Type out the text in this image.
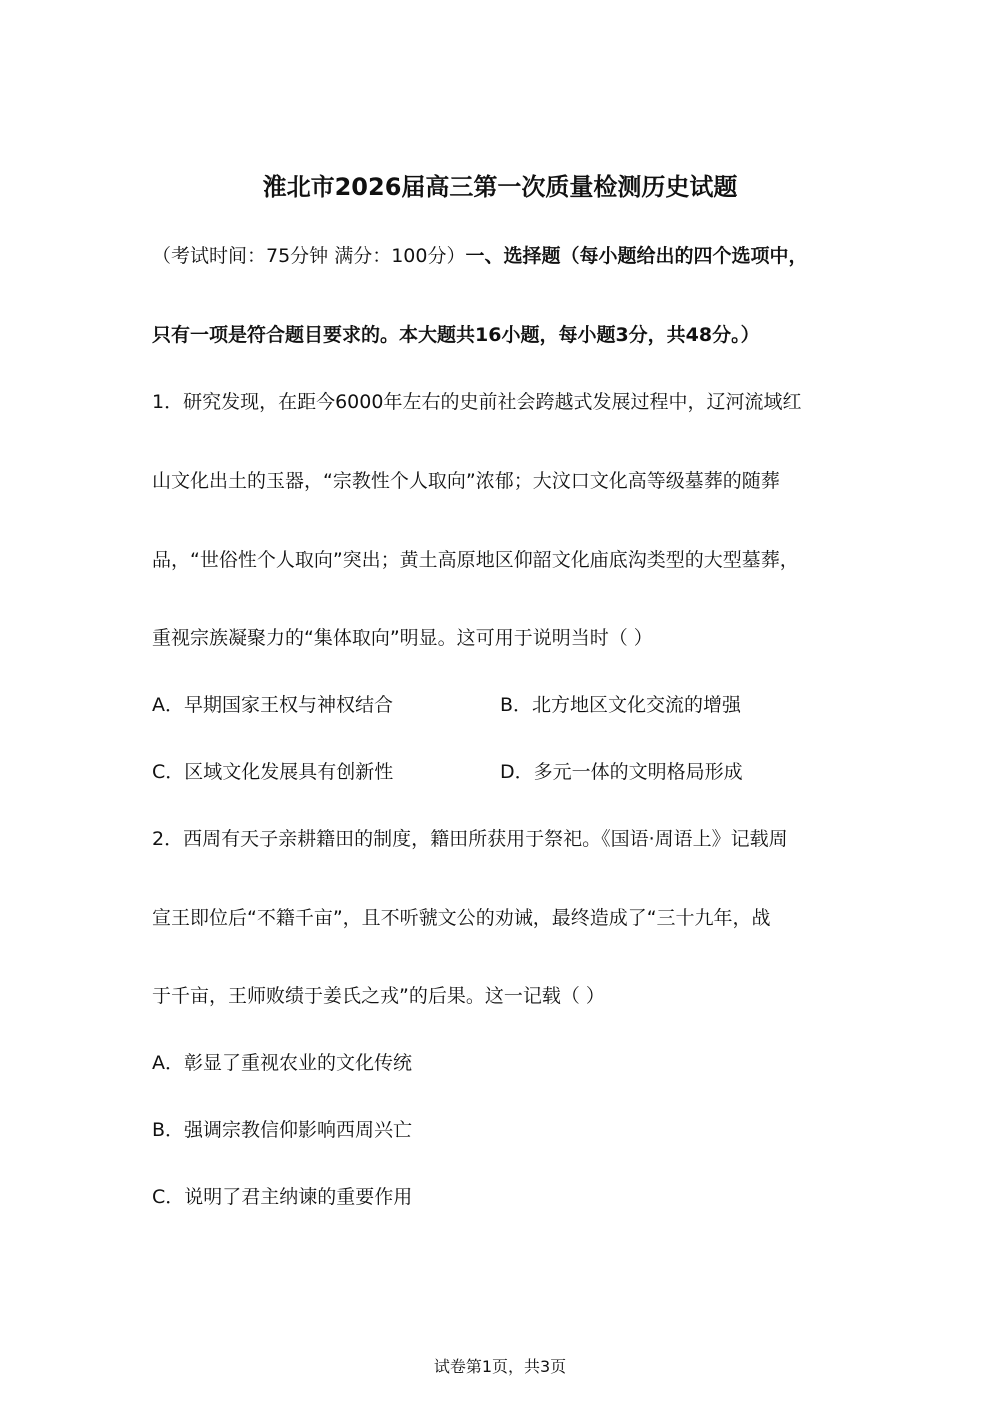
淮北市2026届高三第一次质量检测历史试题
（考试时间：75分钟 满分：100分）一、选择题（每小题给出的四个选项中，
只有一项是符合题目要求的。本大题共16小题，每小题3分，共48分。）
1．研究发现，在距今6000年左右的史前社会跨越式发展过程中，辽河流域红
山文化出土的玉器，“宗教性个人取向”浓郁；大汶口文化高等级墓葬的随葬
品，“世俗性个人取向”突出；黄土高原地区仰韶文化庙底沟类型的大型墓葬，
重视宗族凝聚力的“集体取向”明显。这可用于说明当时（ ）
A．早期国家王权与神权结合	B．北方地区文化交流的增强
C．区域文化发展具有创新性	D．多元一体的文明格局形成
2．西周有天子亲耕籍田的制度，籍田所获用于祭祀。《国语·周语上》记载周
宣王即位后“不籍千亩”，且不听虢文公的劝诫，最终造成了“三十九年，战
于千亩，王师败绩于姜氏之戎”的后果。这一记载（ ）
A．彰显了重视农业的文化传统
B．强调宗教信仰影响西周兴亡
C．说明了君主纳谏的重要作用
试卷第1页，共3页
